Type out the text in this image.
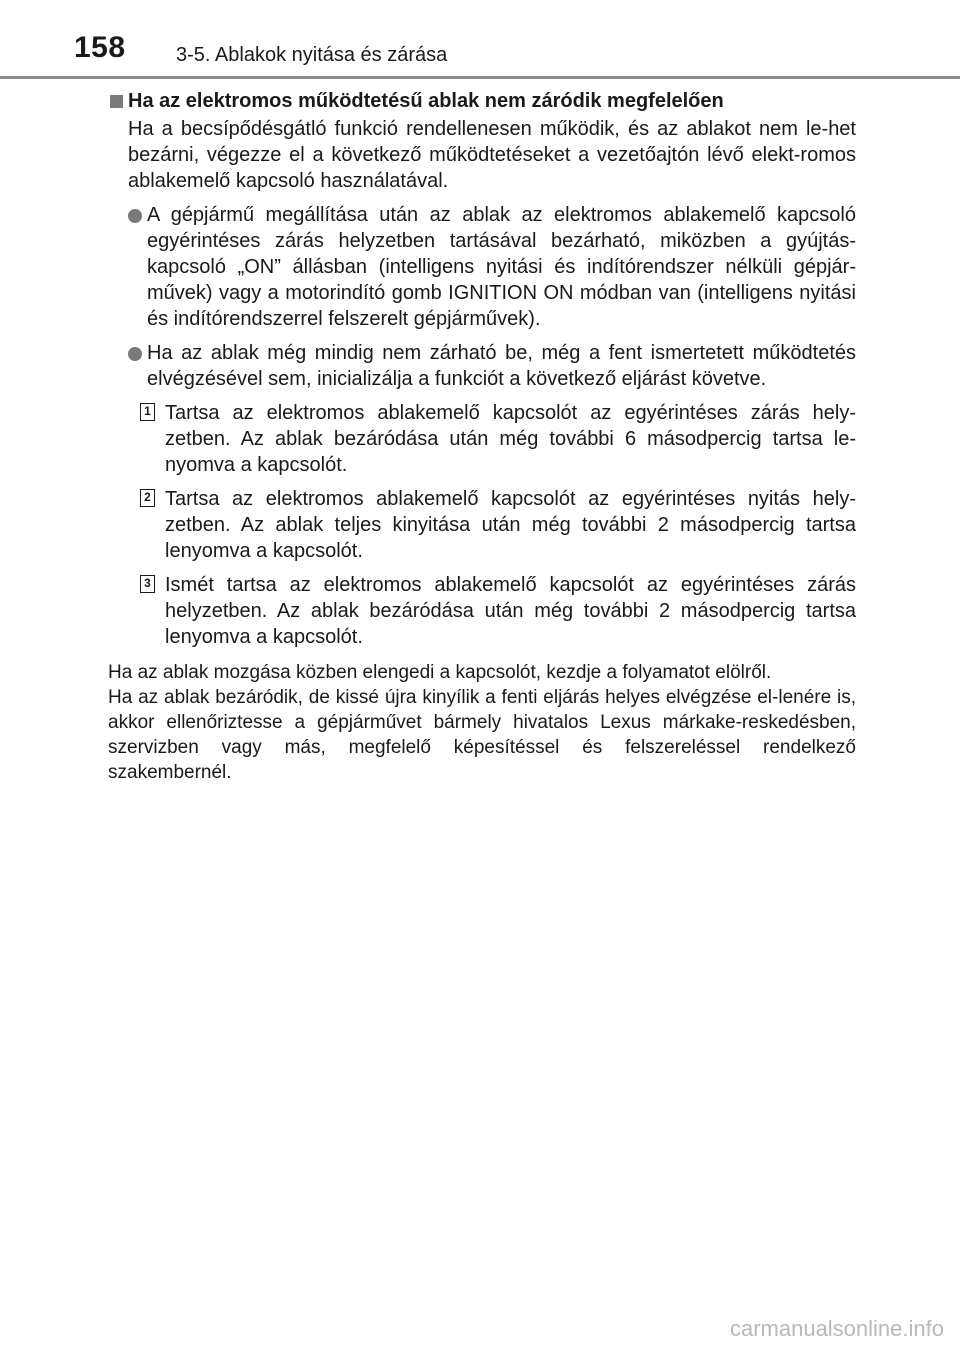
158	3-5. Ablakok nyitása és zárása
Ha az elektromos működtetésű ablak nem záródik megfelelően
Ha a becsípődésgátló funkció rendellenesen működik, és az ablakot nem le-het bezárni, végezze el a következő működtetéseket a vezetőajtón lévő elekt-romos ablakemelő kapcsoló használatával.
A gépjármű megállítása után az ablak az elektromos ablakemelő kapcsoló egyérintéses zárás helyzetben tartásával bezárható, miközben a gyújtás-kapcsoló „ON” állásban (intelligens nyitási és indítórendszer nélküli gépjár-művek) vagy a motorindító gomb IGNITION ON módban van (intelligens nyitási és indítórendszerrel felszerelt gépjárművek).
Ha az ablak még mindig nem zárható be, még a fent ismertetett működtetés elvégzésével sem, inicializálja a funkciót a következő eljárást követve.
1 Tartsa az elektromos ablakemelő kapcsolót az egyérintéses zárás hely-zetben. Az ablak bezáródása után még további 6 másodpercig tartsa le-nyomva a kapcsolót.
2 Tartsa az elektromos ablakemelő kapcsolót az egyérintéses nyitás hely-zetben. Az ablak teljes kinyitása után még további 2 másodpercig tartsa lenyomva a kapcsolót.
3 Ismét tartsa az elektromos ablakemelő kapcsolót az egyérintéses zárás helyzetben. Az ablak bezáródása után még további 2 másodpercig tartsa lenyomva a kapcsolót.
Ha az ablak mozgása közben elengedi a kapcsolót, kezdje a folyamatot elölről.
Ha az ablak bezáródik, de kissé újra kinyílik a fenti eljárás helyes elvégzése el-lenére is, akkor ellenőriztesse a gépjárművet bármely hivatalos Lexus márkake-reskedésben, szervizben vagy más, megfelelő képesítéssel és felszereléssel rendelkező szakembernél.
carmanualsonline.info
